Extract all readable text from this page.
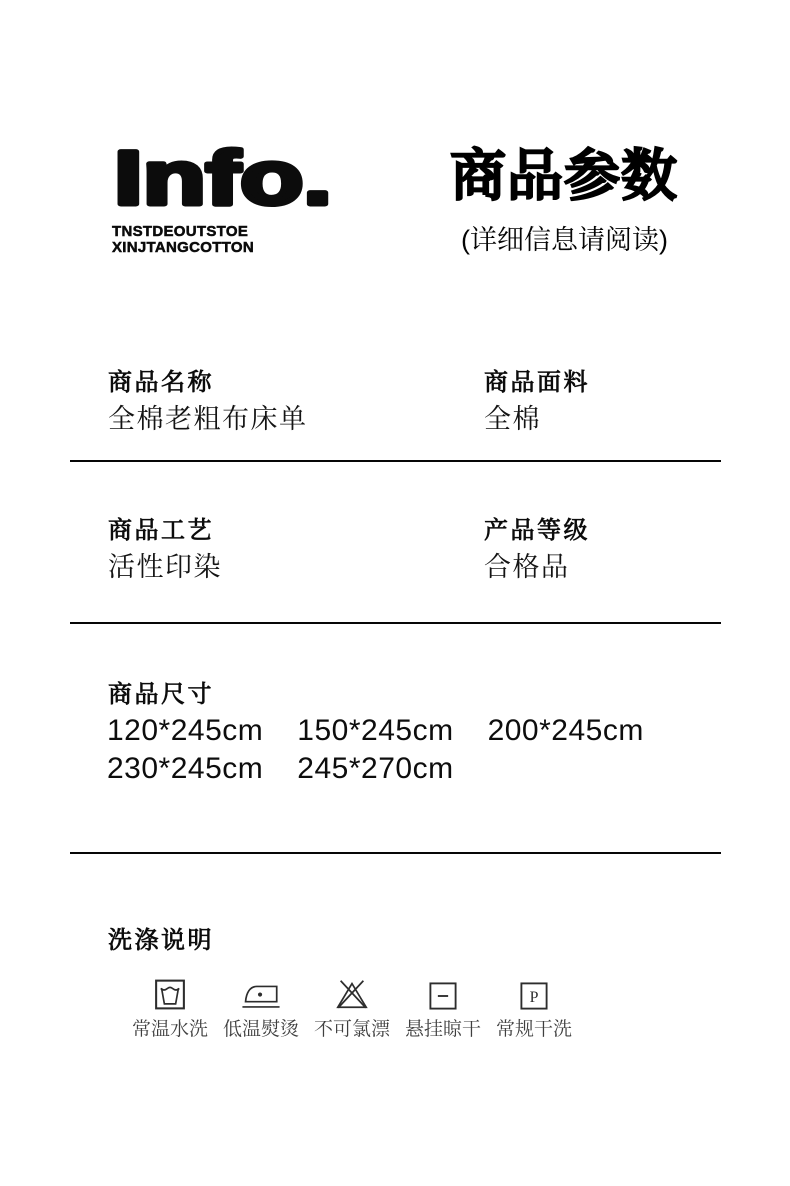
Info.
TNSTDEOUTSTOE
XINJTANGCOTTON
商品参数
(详细信息请阅读)
商品名称
全棉老粗布床单
商品面料
全棉
商品工艺
活性印染
产品等级
合格品
商品尺寸
120*245cm 150*245cm 200*245cm
230*245cm 245*270cm
洗涤说明
常温水洗 低温熨烫 不可氯漂 悬挂晾干
P
常规干洗
